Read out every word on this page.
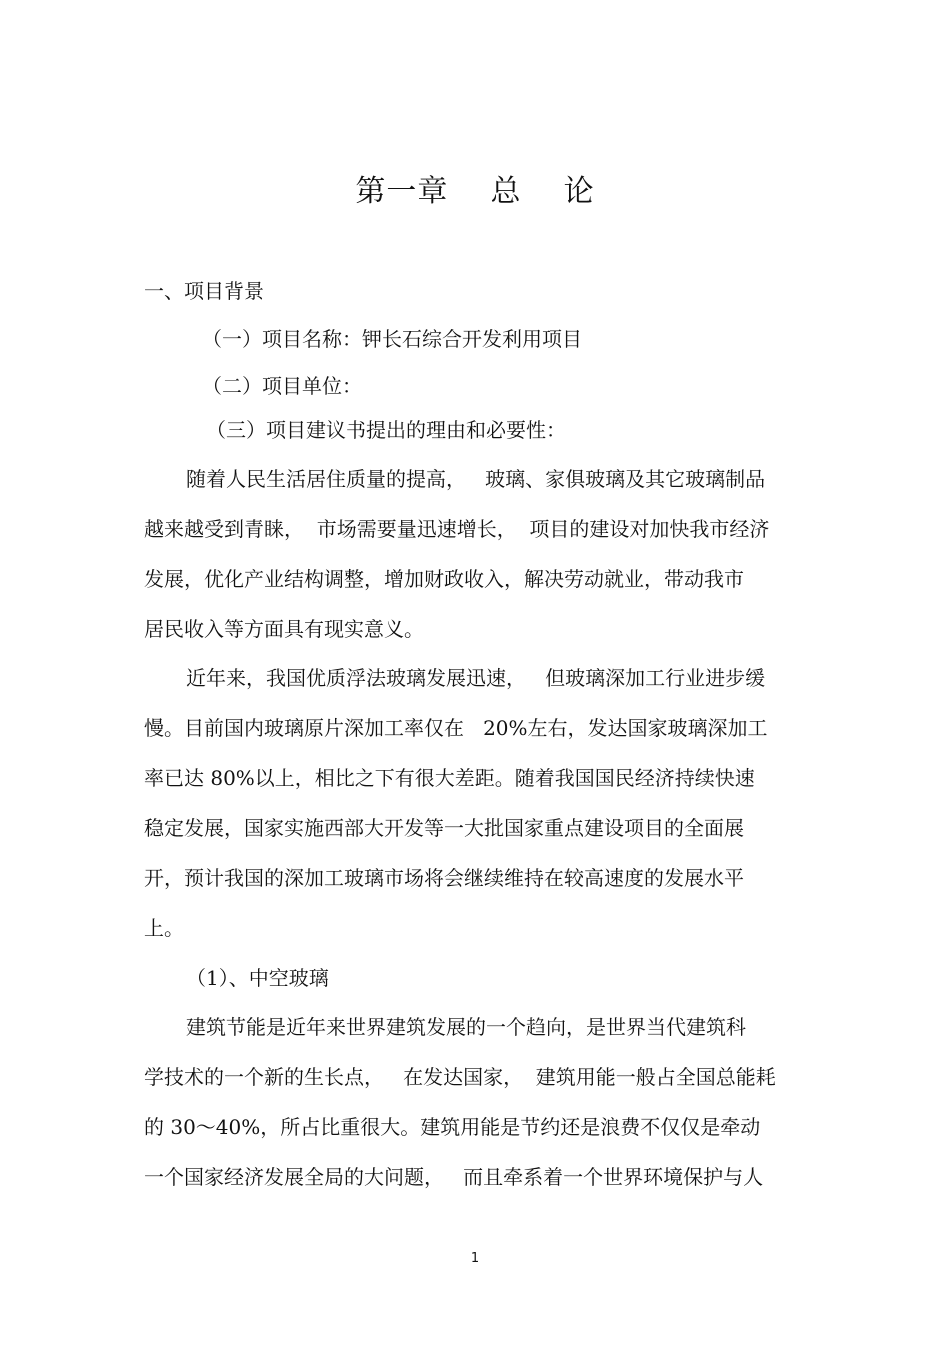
第一章    总    论
一、项目背景
（一）项目名称：钾长石综合开发利用项目
（二）项目单位：
（三）项目建议书提出的理由和必要性：
随着人民生活居住质量的提高，   玻璃、家俱玻璃及其它玻璃制品
越来越受到青睐，  市场需要量迅速增长，  项目的建设对加快我市经济
发展，优化产业结构调整，增加财政收入，解决劳动就业，带动我市
居民收入等方面具有现实意义。
近年来，我国优质浮法玻璃发展迅速，   但玻璃深加工行业进步缓
慢。目前国内玻璃原片深加工率仅在   20%左右，发达国家玻璃深加工
率已达 80%以上，相比之下有很大差距。随着我国国民经济持续快速
稳定发展，国家实施西部大开发等一大批国家重点建设项目的全面展
开，预计我国的深加工玻璃市场将会继续维持在较高速度的发展水平
上。
（1）、中空玻璃
建筑节能是近年来世界建筑发展的一个趋向，是世界当代建筑科
学技术的一个新的生长点，   在发达国家，  建筑用能一般占全国总能耗
的 30～40%，所占比重很大。建筑用能是节约还是浪费不仅仅是牵动
一个国家经济发展全局的大问题，   而且牵系着一个世界环境保护与人
1
